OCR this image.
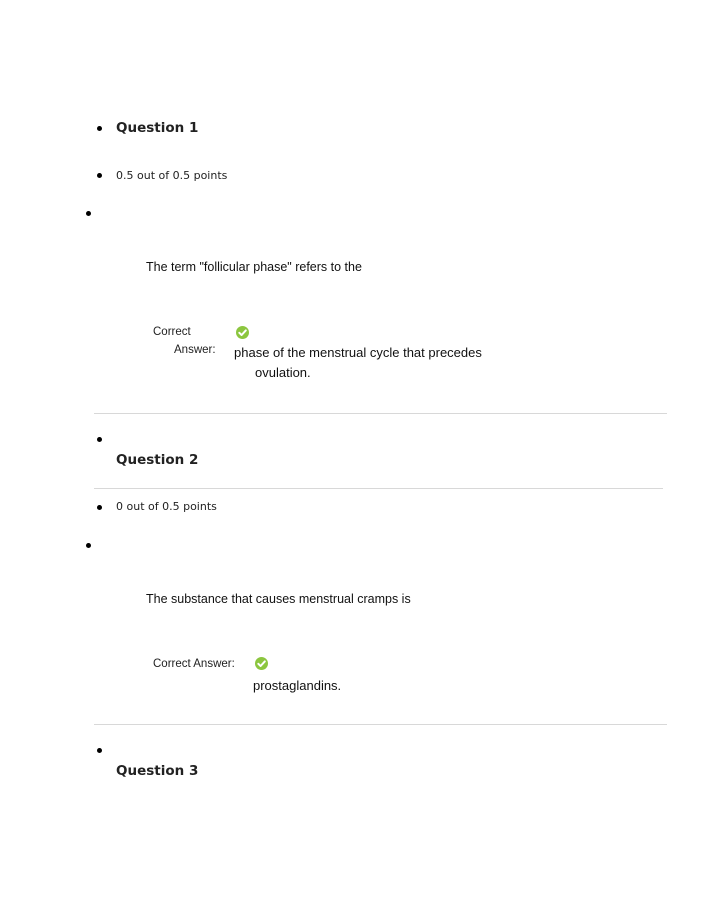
Question 1
0.5 out of 0.5 points
The term "follicular phase" refers to the
Correct
Answer: phase of the menstrual cycle that precedes
ovulation.
Question 2
0 out of 0.5 points
The substance that causes menstrual cramps is
Correct Answer:
prostaglandins.
Question 3
